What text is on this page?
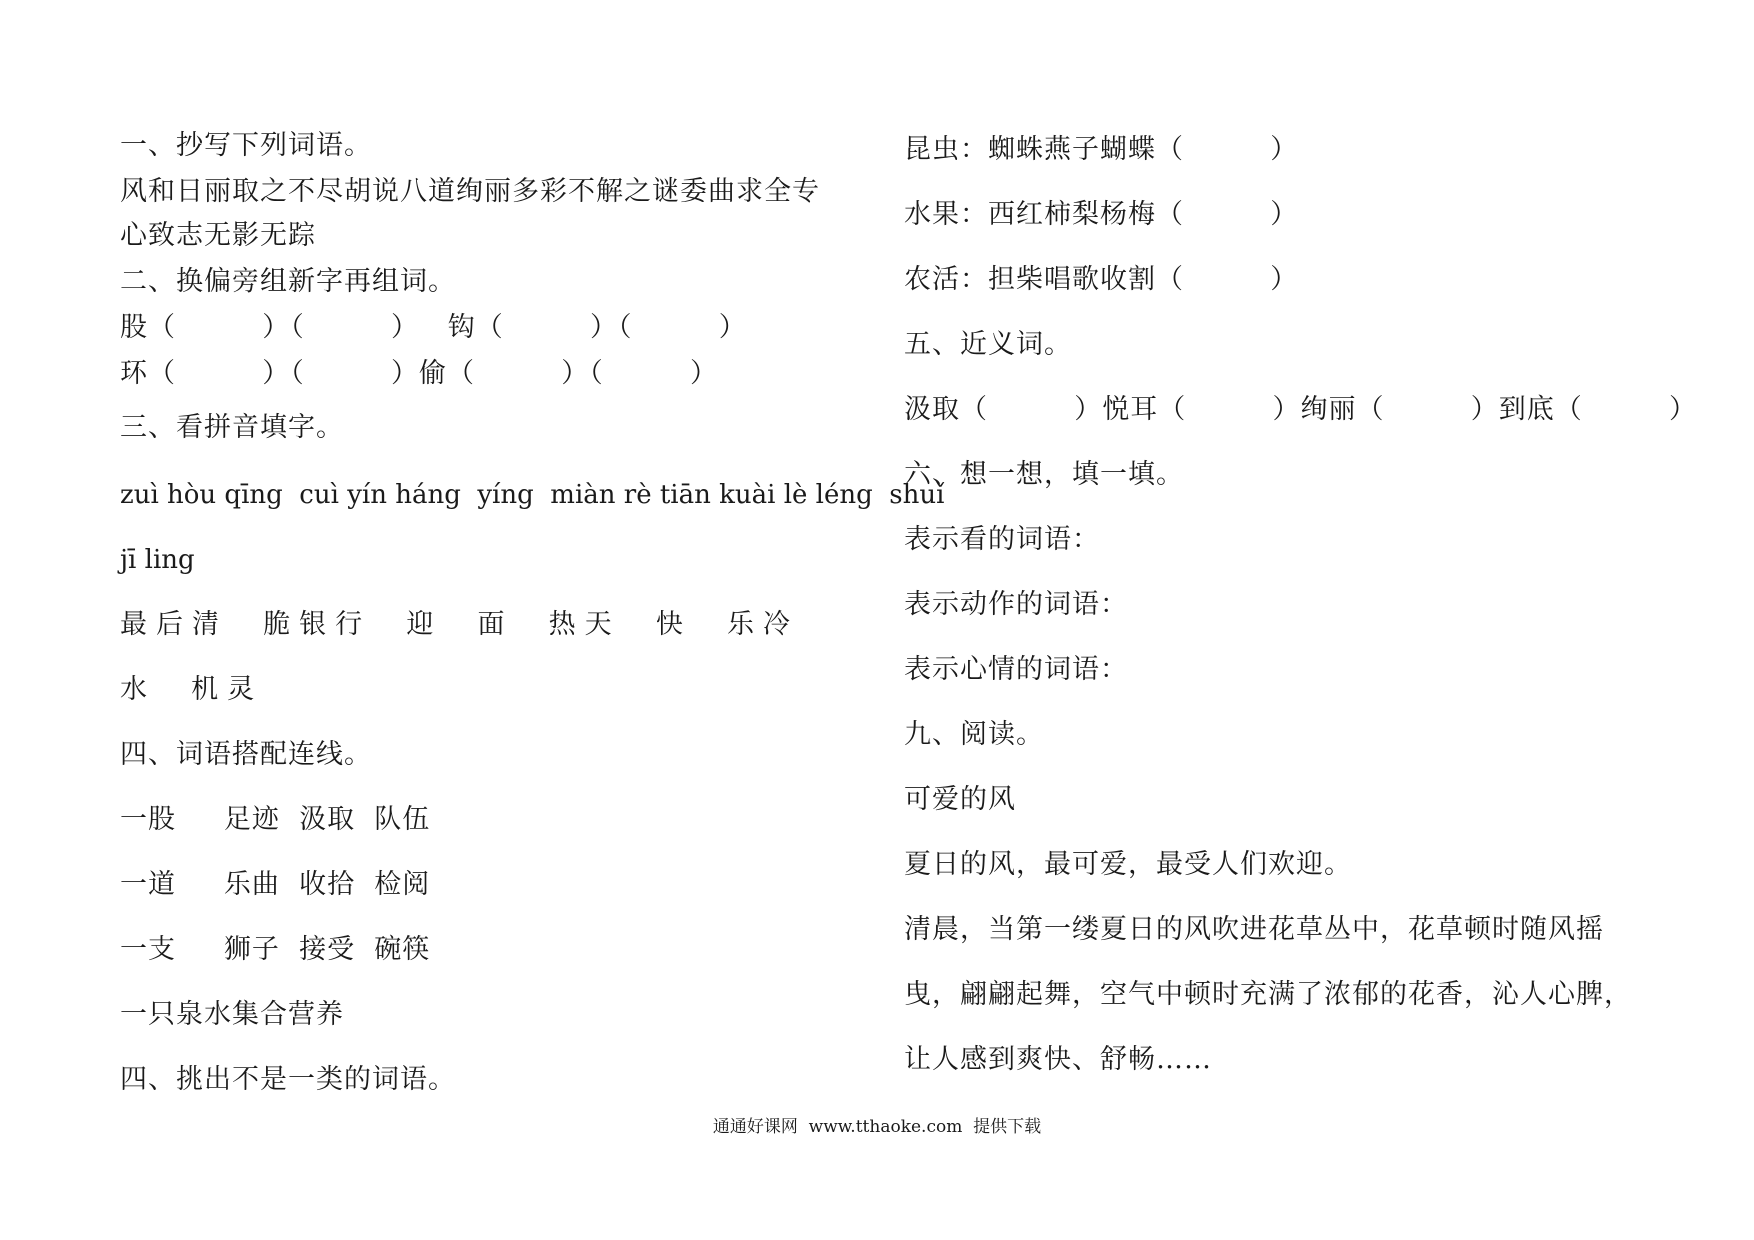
一、抄写下列词语。
风和日丽取之不尽胡说八道绚丽多彩不解之谜委曲求全专
心致志无影无踪
二、换偏旁组新字再组词。
股（         ）（         ）   钩（         ）（         ）
环（         ）（         ）偷（         ）（         ）
三、看拼音填字。
zuì hòu qīng  cuì yín háng  yíng  miàn rè tiān kuài lè léng  shuǐ
jī ling
最后清  脆银行  迎  面  热天  快  乐冷
水  机灵
四、词语搭配连线。
一股     足迹  汲取  队伍
一道     乐曲  收拾  检阅
一支     狮子  接受  碗筷
一只泉水集合营养
四、挑出不是一类的词语。
昆虫：蜘蛛燕子蝴蝶（         ）
水果：西红柿梨杨梅（         ）
农活：担柴唱歌收割（         ）
五、近义词。
汲取（         ）悦耳（         ）绚丽（         ）到底（         ）
六、想一想，填一填。
表示看的词语：
表示动作的词语：
表示心情的词语：
九、阅读。
可爱的风
夏日的风，最可爱，最受人们欢迎。
清晨，当第一缕夏日的风吹进花草丛中，花草顿时随风摇
曳，翩翩起舞，空气中顿时充满了浓郁的花香，沁人心脾，
让人感到爽快、舒畅……
通通好课网  www.tthaoke.com  提供下载
